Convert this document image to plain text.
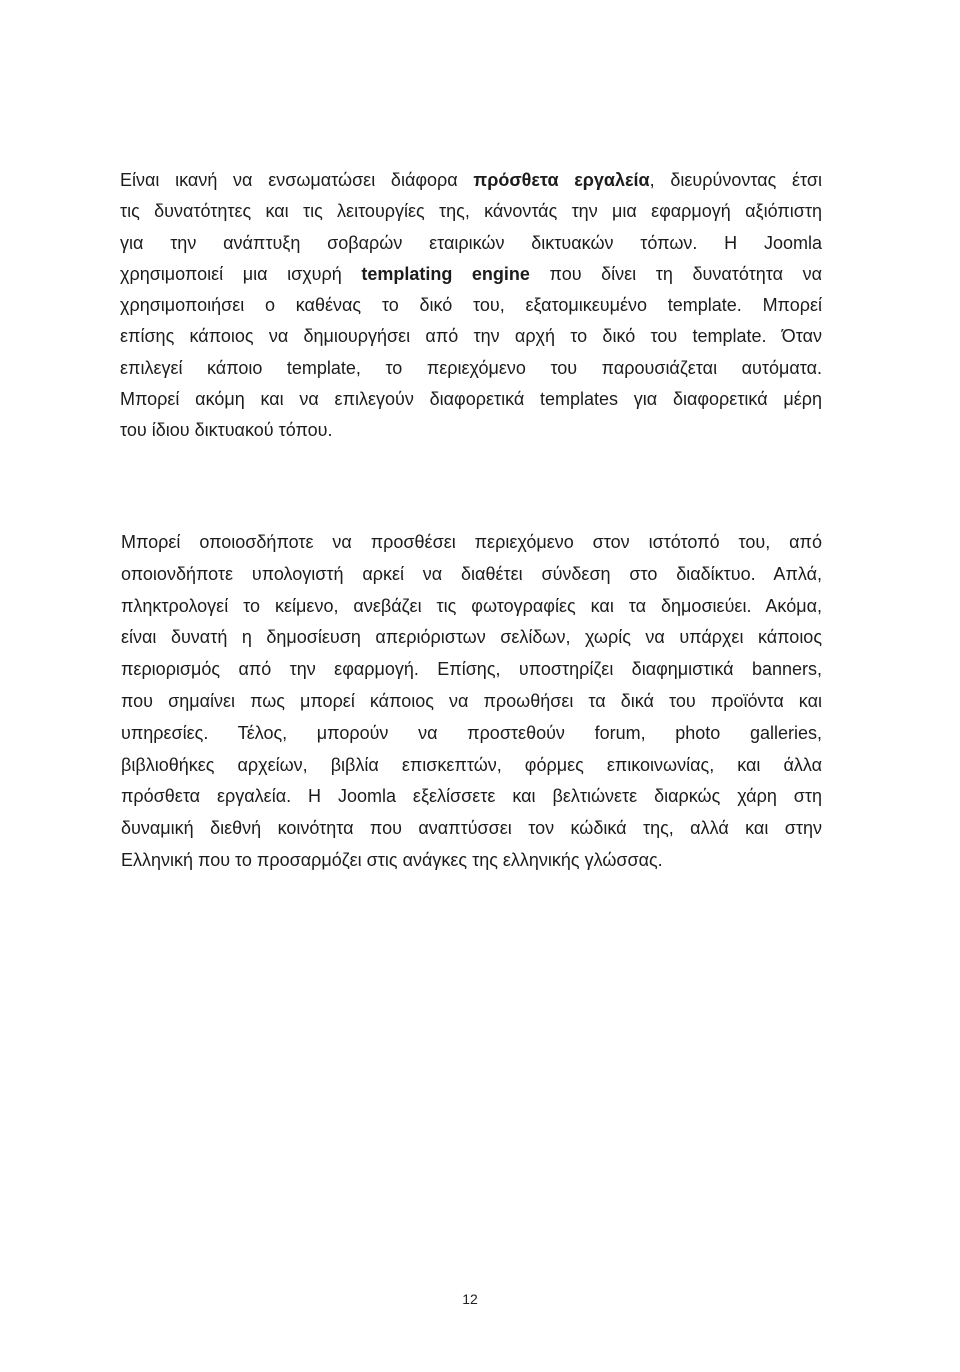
Είναι ικανή να ενσωματώσει διάφορα πρόσθετα εργαλεία, διευρύνοντας έτσι
τις δυνατότητες και τις λειτουργίες της, κάνοντάς την μια εφαρμογή αξιόπιστη
για την ανάπτυξη σοβαρών εταιρικών δικτυακών τόπων. Η Joomla
χρησιμοποιεί μια ισχυρή templating engine που δίνει τη δυνατότητα να
χρησιμοποιήσει ο καθένας το δικό του, εξατομικευμένο template. Μπορεί
επίσης κάποιος να δημιουργήσει από την αρχή το δικό του template. Όταν
επιλεγεί κάποιο template, το περιεχόμενο του παρουσιάζεται αυτόματα.
Μπορεί ακόμη και να επιλεγούν διαφορετικά templates για διαφορετικά μέρη
του ίδιου δικτυακού τόπου.
Μπορεί οποιοσδήποτε να προσθέσει περιεχόμενο στον ιστότοπό του, από
οποιονδήποτε υπολογιστή αρκεί να διαθέτει σύνδεση στο διαδίκτυο. Απλά,
πληκτρολογεί το κείμενο, ανεβάζει τις φωτογραφίες και τα δημοσιεύει. Ακόμα,
είναι δυνατή η δημοσίευση απεριόριστων σελίδων, χωρίς να υπάρχει κάποιος
περιορισμός από την εφαρμογή. Επίσης, υποστηρίζει διαφημιστικά banners,
που σημαίνει πως μπορεί κάποιος να προωθήσει τα δικά του προϊόντα και
υπηρεσίες. Τέλος, μπορούν να προστεθούν forum, photo galleries,
βιβλιοθήκες αρχείων, βιβλία επισκεπτών, φόρμες επικοινωνίας, και άλλα
πρόσθετα εργαλεία. Η Joomla εξελίσσετε και βελτιώνετε διαρκώς χάρη στη
δυναμική διεθνή κοινότητα που αναπτύσσει τον κώδικά της, αλλά και στην
Ελληνική που το προσαρμόζει στις ανάγκες της ελληνικής γλώσσας.
12
